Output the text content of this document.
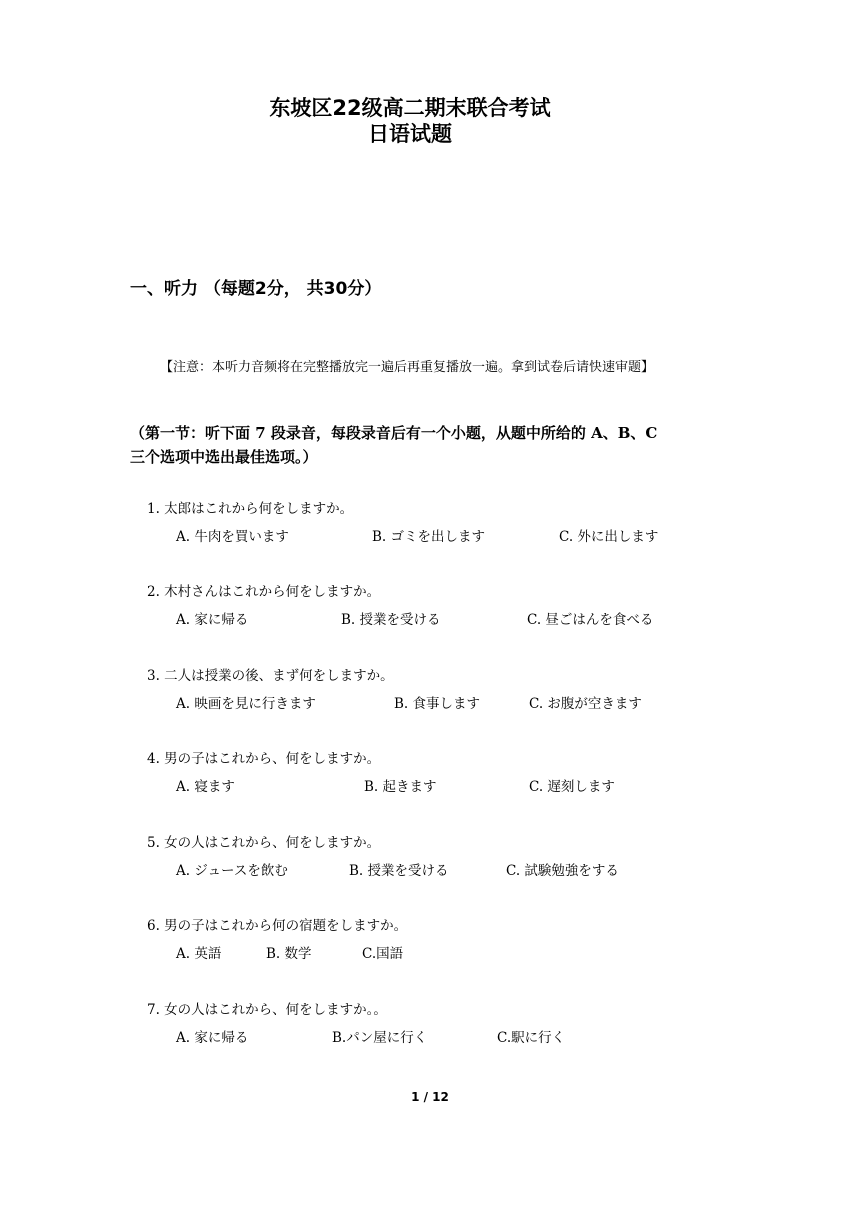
东坡区22级高二期末联合考试
日语试题
一、听力 （每题2分， 共30分）
【注意：本听力音频将在完整播放完一遍后再重复播放一遍。拿到试卷后请快速审题】
（第一节：听下面 7 段录音，每段录音后有一个小题，从题中所给的 A、B、C
三个选项中选出最佳选项。）
1. 太郎はこれから何をしますか。
A. 牛肉を買います	B. ゴミを出します	C. 外に出します
2. 木村さんはこれから何をしますか。
A. 家に帰る	B. 授業を受ける	C. 昼ごはんを食べる
3. 二人は授業の後、まず何をしますか。
A. 映画を見に行きます	B. 食事します	C. お腹が空きます
4. 男の子はこれから、何をしますか。
A. 寝ます	B. 起きます	C. 遅刻します
5. 女の人はこれから、何をしますか。
A. ジュースを飲む	B. 授業を受ける	C. 試験勉強をする
6. 男の子はこれから何の宿題をしますか。
A. 英語	B. 数学	C.国語
7. 女の人はこれから、何をしますか。。
A. 家に帰る	B.パン屋に行く	C.駅に行く
1 / 12
